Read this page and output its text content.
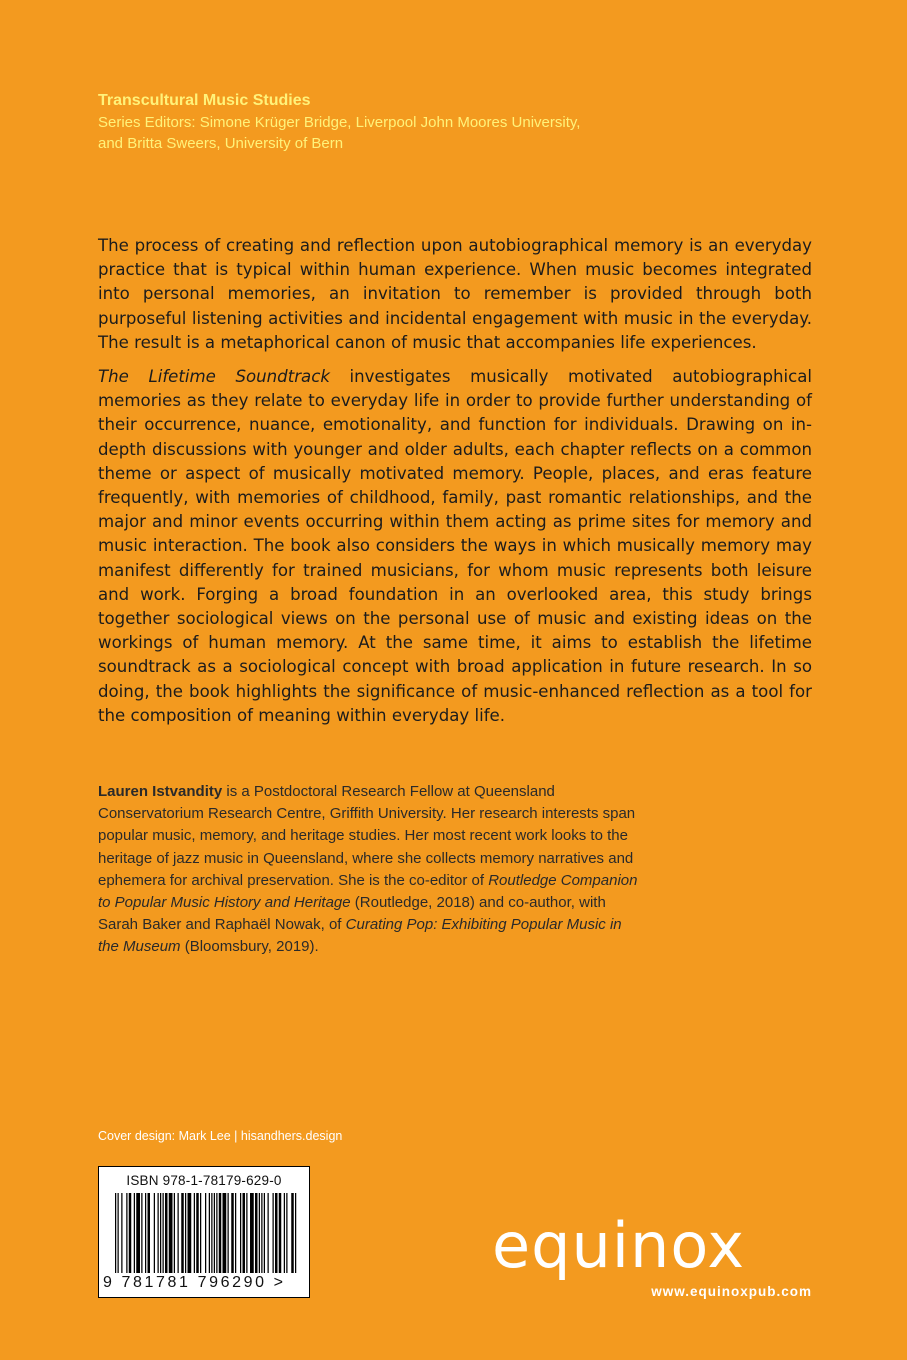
Transcultural Music Studies
Series Editors: Simone Krüger Bridge, Liverpool John Moores University,
and Britta Sweers, University of Bern

The process of creating and reflection upon autobiographical memory is an everyday practice that is typical within human experience. When music becomes integrated into personal memories, an invitation to remember is provided through both purposeful listening activities and incidental engagement with music in the everyday. The result is a metaphorical canon of music that accompanies life experiences.

The Lifetime Soundtrack investigates musically motivated autobiographical memories as they relate to everyday life in order to provide further understanding of their occurrence, nuance, emotionality, and function for individuals. Drawing on in-depth discussions with younger and older adults, each chapter reflects on a common theme or aspect of musically motivated memory. People, places, and eras feature frequently, with memories of childhood, family, past romantic relationships, and the major and minor events occurring within them acting as prime sites for memory and music interaction. The book also considers the ways in which musically memory may manifest differently for trained musicians, for whom music represents both leisure and work. Forging a broad foundation in an overlooked area, this study brings together sociological views on the personal use of music and existing ideas on the workings of human memory. At the same time, it aims to establish the lifetime soundtrack as a sociological concept with broad application in future research. In so doing, the book highlights the significance of music-enhanced reflection as a tool for the composition of meaning within everyday life.

Lauren Istvandity is a Postdoctoral Research Fellow at Queensland Conservatorium Research Centre, Griffith University. Her research interests span popular music, memory, and heritage studies. Her most recent work looks to the heritage of jazz music in Queensland, where she collects memory narratives and ephemera for archival preservation. She is the co-editor of Routledge Companion to Popular Music History and Heritage (Routledge, 2018) and co-author, with Sarah Baker and Raphaël Nowak, of Curating Pop: Exhibiting Popular Music in the Museum (Bloomsbury, 2019).
Cover design: Mark Lee | hisandhers.design
ISBN 978-1-78179-629-0
9 781781 796290 >
equinox
www.equinoxpub.com
